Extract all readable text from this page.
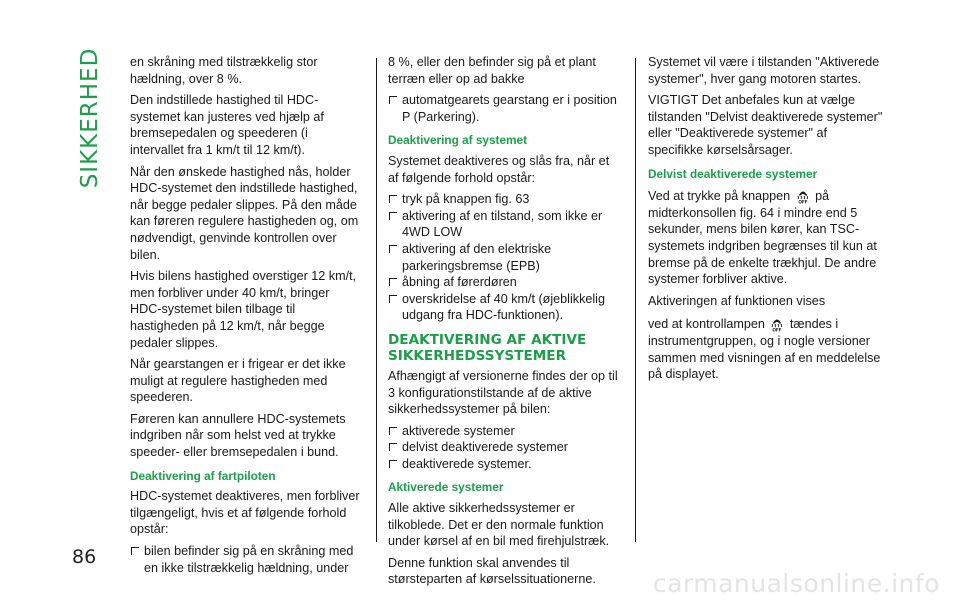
SIKKERHED
86

en skråning med tilstrækkelig stor hældning, over 8 %.

Den indstillede hastighed til HDC-systemet kan justeres ved hjælp af bremsepedalen og speederen (i intervallet fra 1 km/t til 12 km/t).

Når den ønskede hastighed nås, holder HDC-systemet den indstillede hastighed, når begge pedaler slippes. På den måde kan føreren regulere hastigheden og, om nødvendigt, genvinde kontrollen over bilen.

Hvis bilens hastighed overstiger 12 km/t, men forbliver under 40 km/t, bringer HDC-systemet bilen tilbage til hastigheden på 12 km/t, når begge pedaler slippes.

Når gearstangen er i frigear er det ikke muligt at regulere hastigheden med speederen.

Føreren kan annullere HDC-systemets indgriben når som helst ved at trykke speeder- eller bremsepedalen i bund.

Deaktivering af fartpiloten

HDC-systemet deaktiveres, men forbliver tilgængeligt, hvis et af følgende forhold opstår:

bilen befinder sig på en skråning med en ikke tilstrækkelig hældning, under
8 %, eller den befinder sig på et plant terræn eller op ad bakke
automatgearets gearstang er i position P (Parkering).
Deaktivering af systemet

Systemet deaktiveres og slås fra, når et af følgende forhold opstår:

tryk på knappen fig. 63
aktivering af en tilstand, som ikke er 4WD LOW
aktivering af den elektriske parkeringsbremse (EPB)
åbning af førerdøren
overskridelse af 40 km/t (øjeblikkelig udgang fra HDC-funktionen).
DEAKTIVERING AF AKTIVE SIKKERHEDSSYSTEMER

Afhængigt af versionerne findes der op til 3 konfigurationstilstande af de aktive sikkerhedssystemer på bilen:

aktiverede systemer
delvist deaktiverede systemer
deaktiverede systemer.
Aktiverede systemer

Alle aktive sikkerhedssystemer er tilkoblede. Det er den normale funktion under kørsel af en bil med firehjulstræk.

Denne funktion skal anvendes til størsteparten af kørselssituationerne.

Systemet vil være i tilstanden "Aktiverede systemer", hver gang motoren startes.

VIGTIGT Det anbefales kun at vælge tilstanden "Delvist deaktiverede systemer" eller "Deaktiverede systemer" af specifikke kørselsårsager.

Delvist deaktiverede systemer

Ved at trykke på knappen OFF på midterkonsollen fig. 64 i mindre end 5 sekunder, mens bilen kører, kan TSC-systemets indgriben begrænses til kun at bremse på de enkelte trækhjul. De andre systemer forbliver aktive.

Aktiveringen af funktionen vises

ved at kontrollampen OFF tændes i instrumentgruppen, og i nogle versioner sammen med visningen af en meddelelse på displayet.

carmanualsonline.info
